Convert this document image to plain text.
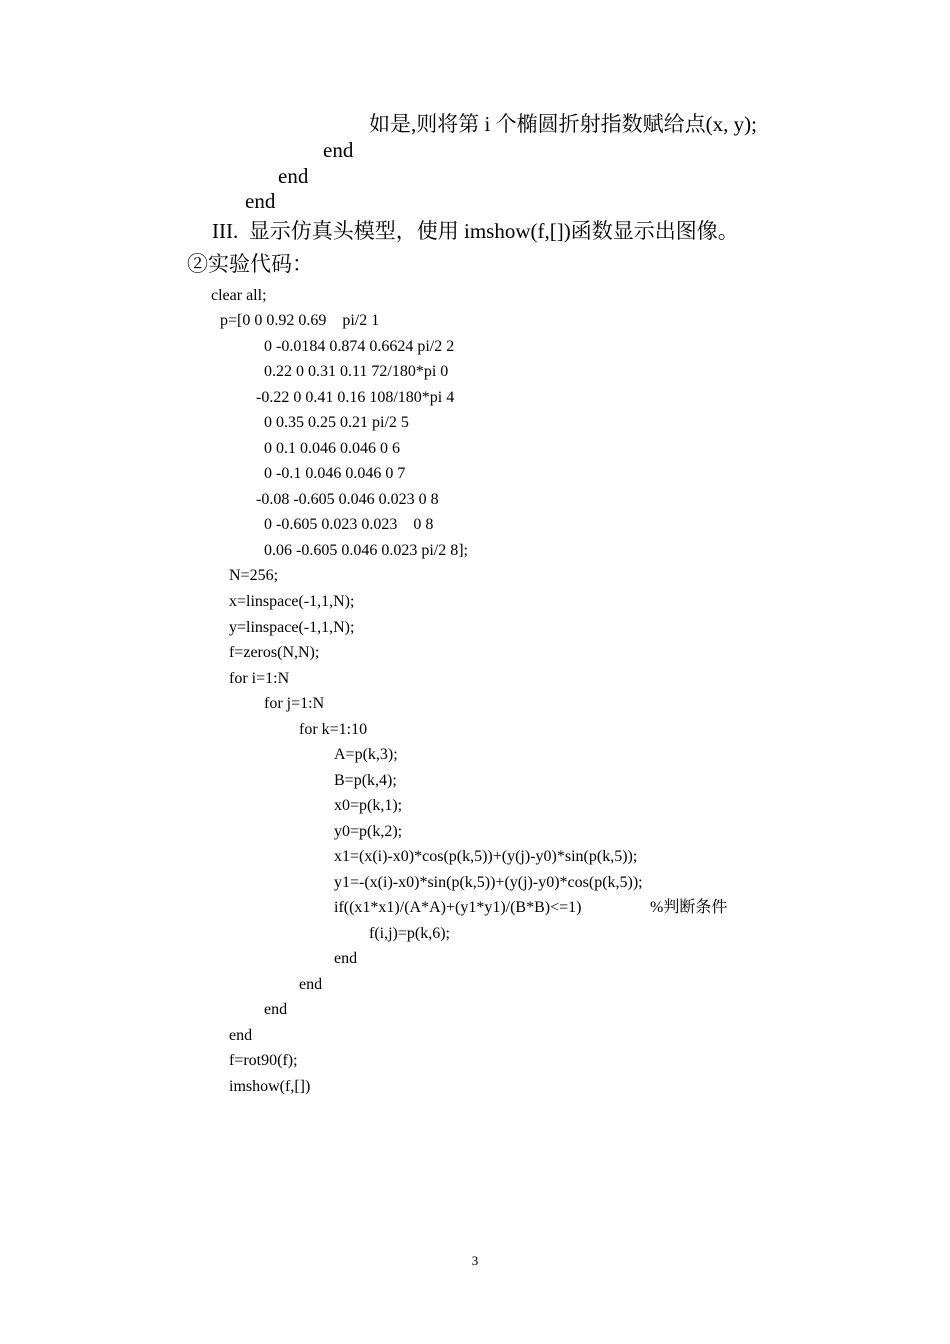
如是,则将第 i 个椭圆折射指数赋给点(x, y);
end
end
end
III.  显示仿真头模型，使用 imshow(f,[])函数显示出图像。
②实验代码：
clear all;
p=[0 0 0.92 0.69    pi/2 1
0 -0.0184 0.874 0.6624 pi/2 2
0.22 0 0.31 0.11 72/180*pi 0
-0.22 0 0.41 0.16 108/180*pi 4
0 0.35 0.25 0.21 pi/2 5
0 0.1 0.046 0.046 0 6
0 -0.1 0.046 0.046 0 7
-0.08 -0.605 0.046 0.023 0 8
0 -0.605 0.023 0.023    0 8
0.06 -0.605 0.046 0.023 pi/2 8];
N=256;
x=linspace(-1,1,N);
y=linspace(-1,1,N);
f=zeros(N,N);
for i=1:N
for j=1:N
for k=1:10
A=p(k,3);
B=p(k,4);
x0=p(k,1);
y0=p(k,2);
x1=(x(i)-x0)*cos(p(k,5))+(y(j)-y0)*sin(p(k,5));
y1=-(x(i)-x0)*sin(p(k,5))+(y(j)-y0)*cos(p(k,5));
if((x1*x1)/(A*A)+(y1*y1)/(B*B)<=1)	%判断条件
f(i,j)=p(k,6);
end
end
end
end
f=rot90(f);
imshow(f,[])
3
